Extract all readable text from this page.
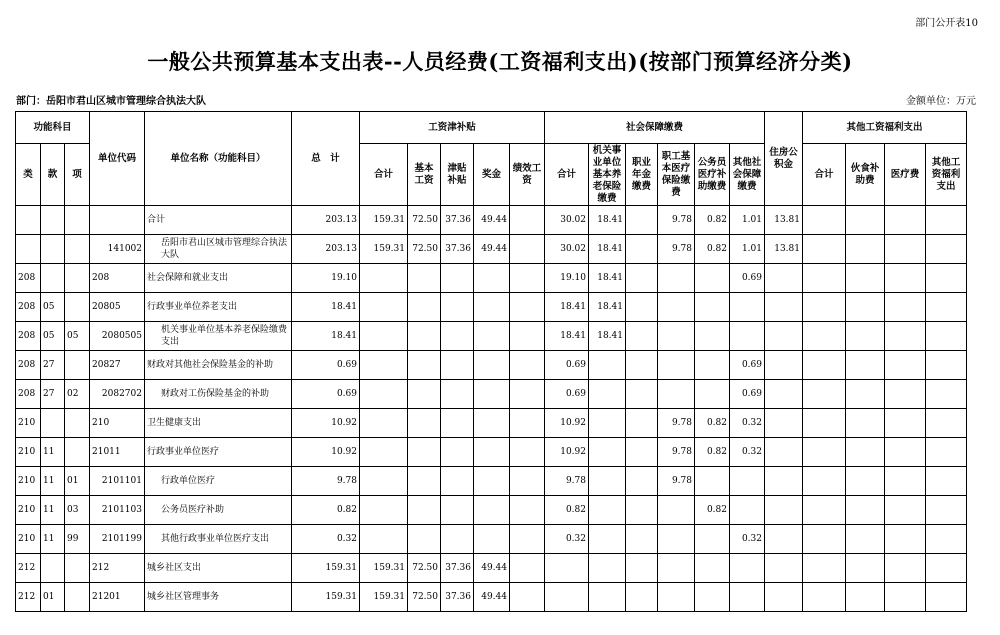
部门公开表10
一般公共预算基本支出表--人员经费(工资福利支出)(按部门预算经济分类)
部门：岳阳市君山区城市管理综合执法大队	金额单位：万元
功能科目			单位代码	单位名称（功能科目）	总　计	工资津补贴					社会保障缴费						住房公积金	其他工资福利支出			
类	款	项				合计	基本工资	津贴补贴	奖金	绩效工资	合计	机关事业单位基本养老保险缴费	职业年金缴费	职工基本医疗保险缴费	公务员医疗补助缴费	其他社会保障缴费		合计	伙食补助费	医疗费	其他工资福利支出
				合计	203.13	159.31	72.50	37.36	49.44		30.02	18.41		9.78	0.82	1.01	13.81				
			141002	岳阳市君山区城市管理综合执法大队	203.13	159.31	72.50	37.36	49.44		30.02	18.41		9.78	0.82	1.01	13.81				
208			208	社会保障和就业支出	19.10						19.10	18.41				0.69					
208	05		20805	行政事业单位养老支出	18.41						18.41	18.41									
208	05	05	2080505	机关事业单位基本养老保险缴费支出	18.41						18.41	18.41									
208	27		20827	财政对其他社会保险基金的补助	0.69						0.69					0.69					
208	27	02	2082702	财政对工伤保险基金的补助	0.69						0.69					0.69					
210			210	卫生健康支出	10.92						10.92			9.78	0.82	0.32					
210	11		21011	行政事业单位医疗	10.92						10.92			9.78	0.82	0.32					
210	11	01	2101101	行政单位医疗	9.78						9.78			9.78							
210	11	03	2101103	公务员医疗补助	0.82						0.82				0.82						
210	11	99	2101199	其他行政事业单位医疗支出	0.32						0.32					0.32					
212			212	城乡社区支出	159.31	159.31	72.50	37.36	49.44												
212	01		21201	城乡社区管理事务	159.31	159.31	72.50	37.36	49.44												
